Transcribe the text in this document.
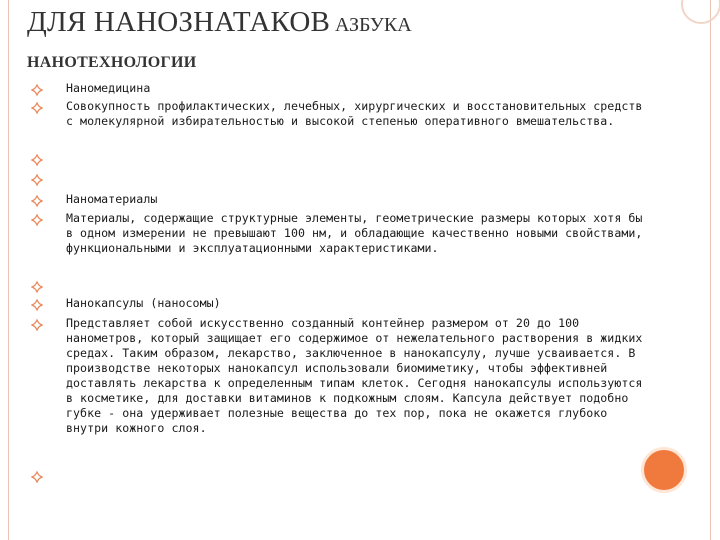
ДЛЯ НАНОЗНАТАКОВ АЗБУКА
НАНОТЕХНОЛОГИИ
Наномедицина
Совокупность профилактических, лечебных, хирургических и восстановительных средств с молекулярной избирательностью и высокой степенью оперативного вмешательства.
Наноматериалы
Материалы, содержащие структурные элементы, геометрические размеры которых хотя бы в одном измерении не превышают 100 нм, и обладающие качественно новыми свойствами, функциональными и эксплуатационными характеристиками.
Нанокапсулы (наносомы)
Представляет собой искусственно созданный контейнер размером от 20 до 100 нанометров, который защищает его содержимое от нежелательного растворения в жидких средах. Таким образом, лекарство, заключенное в нанокапсулу, лучше усваивается. В производстве некоторых нанокапсул использовали биомиметику, чтобы эффективней доставлять лекарства к определенным типам клеток. Сегодня нанокапсулы используются в косметике, для доставки витаминов к подкожным слоям. Капсула действует подобно губке - она удерживает полезные вещества до тех пор, пока не окажется глубоко внутри кожного слоя.
